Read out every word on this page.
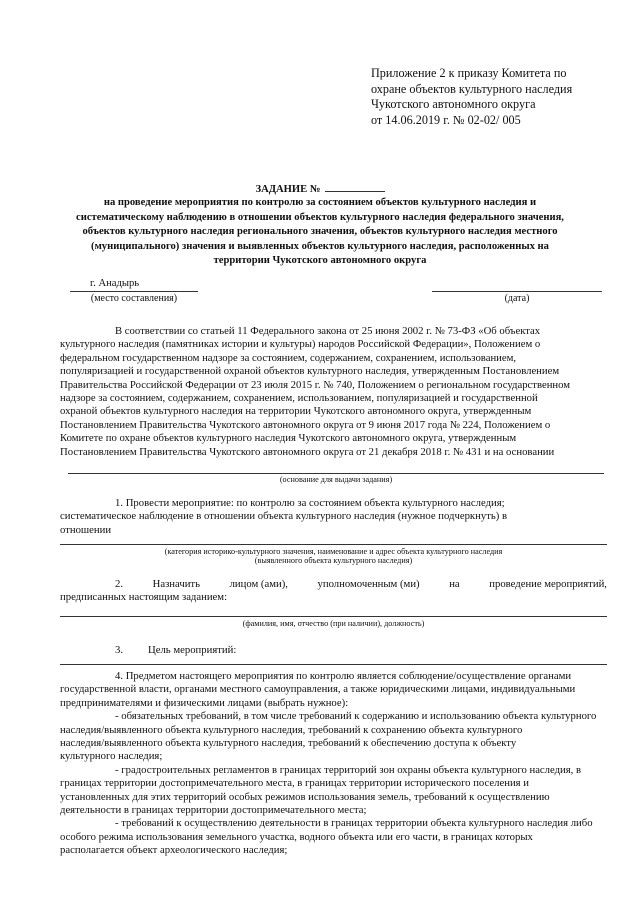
Приложение 2 к приказу Комитета по
охране объектов культурного наследия
Чукотского автономного округа
от 14.06.2019 г. № 02-02/ 005
ЗАДАНИЕ №
на проведение мероприятия по контролю за состоянием объектов культурного наследия и
систематическому наблюдению в отношении объектов культурного наследия федерального значения,
объектов культурного наследия регионального значения, объектов культурного наследия местного
(муниципального) значения и выявленных объектов культурного наследия, расположенных на
территории Чукотского автономного округа
г. Анадырь
(место составления)	(дата)
В соответствии со статьей 11 Федерального закона от 25 июня 2002 г. № 73-ФЗ «Об объектах
культурного наследия (памятниках истории и культуры) народов Российской Федерации», Положением о
федеральном государственном надзоре за состоянием, содержанием, сохранением, использованием,
популяризацией и государственной охраной объектов культурного наследия, утвержденным Постановлением
Правительства Российской Федерации от 23 июля 2015 г. № 740, Положением о региональном государственном
надзоре за состоянием, содержанием, сохранением, использованием, популяризацией и государственной
охраной объектов культурного наследия на территории Чукотского автономного округа, утвержденным
Постановлением Правительства Чукотского автономного округа от 9 июня 2017 года № 224, Положением о
Комитете по охране объектов культурного наследия Чукотского автономного округа, утвержденным
Постановлением Правительства Чукотского автономного округа от 21 декабря 2018 г. № 431 и на основании
(основание для выдачи задания)
1. Провести мероприятие: по контролю за состоянием объекта культурного наследия;
систематическое наблюдение в отношении объекта культурного наследия (нужное подчеркнуть) в
отношении
(категория историко-культурного значения, наименование и адрес объекта культурного наследия
(выявленного объекта культурного наследия)
2.	Назначить	лицом (ами),	уполномоченным (ми)	на	проведение мероприятий,
предписанных настоящим заданием:
(фамилия, имя, отчество (при наличии), должность)
3. Цель мероприятий:
4. Предметом настоящего мероприятия по контролю является соблюдение/осуществление органами
государственной власти, органами местного самоуправления, а также юридическими лицами, индивидуальными
предпринимателями и физическими лицами (выбрать нужное):
- обязательных требований, в том числе требований к содержанию и использованию объекта культурного
наследия/выявленного объекта культурного наследия, требований к сохранению объекта культурного
наследия/выявленного объекта культурного наследия, требований к обеспечению доступа к объекту
культурного наследия;
- градостроительных регламентов в границах территорий зон охраны объекта культурного наследия, в
границах территории достопримечательного места, в границах территории исторического поселения и
установленных для этих территорий особых режимов использования земель, требований к осуществлению
деятельности в границах территории достопримечательного места;
- требований к осуществлению деятельности в границах территории объекта культурного наследия либо
особого режима использования земельного участка, водного объекта или его части, в границах которых
располагается объект археологического наследия;
